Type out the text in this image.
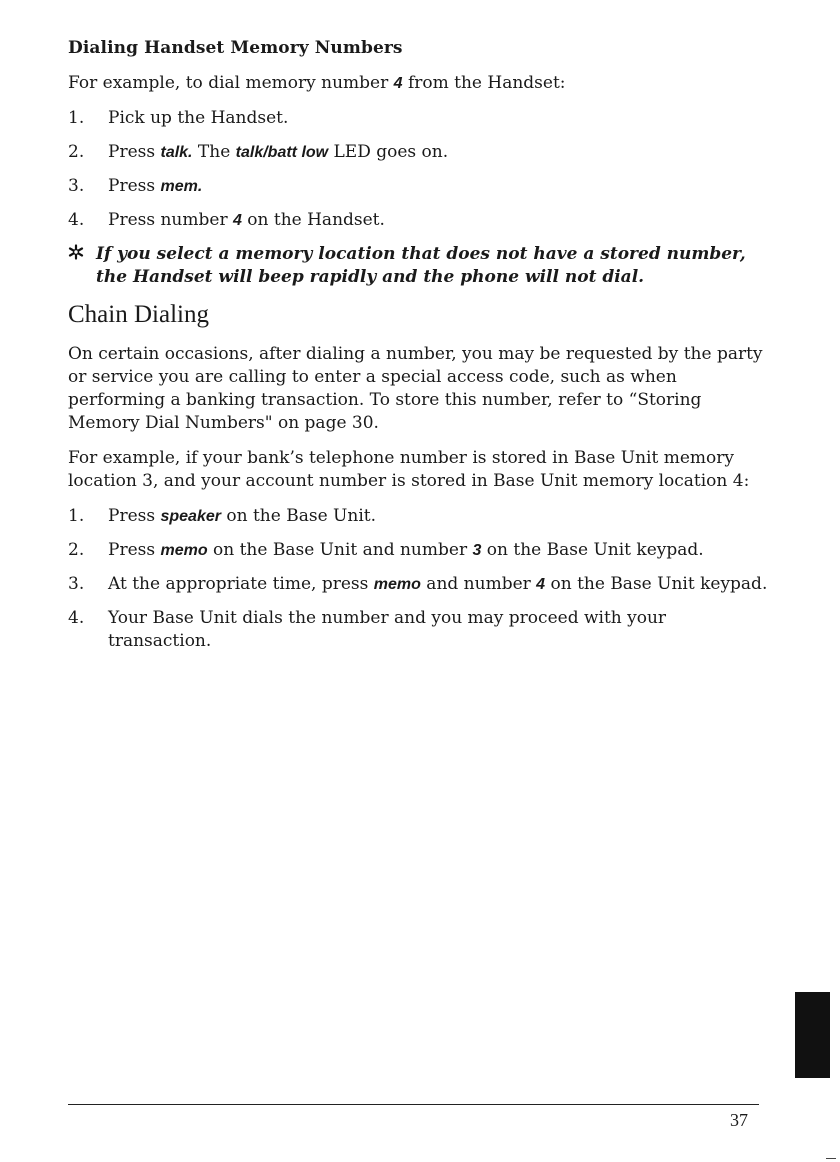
Dialing Handset Memory Numbers

For example, to dial memory number 4 from the Handset:

1.	Pick up the Handset.
2.	Press talk. The talk/batt low LED goes on.
3.	Press mem.
4.	Press number 4 on the Handset.
If you select a memory location that does not have a stored number, the Handset will beep rapidly and the phone will not dial.
Chain Dialing

On certain occasions, after dialing a number, you may be requested by the party or service you are calling to enter a special access code, such as when performing a banking transaction. To store this number, refer to “Storing Memory Dial Numbers" on page 30.

For example, if your bank’s telephone number is stored in Base Unit memory location 3, and your account number is stored in Base Unit memory location 4:

1.	Press speaker on the Base Unit.
2.	Press memo on the Base Unit and number 3 on the Base Unit keypad.
3.	At the appropriate time, press memo and number 4 on the Base Unit keypad.
4.	Your Base Unit dials the number and you may proceed with your transaction.
37
